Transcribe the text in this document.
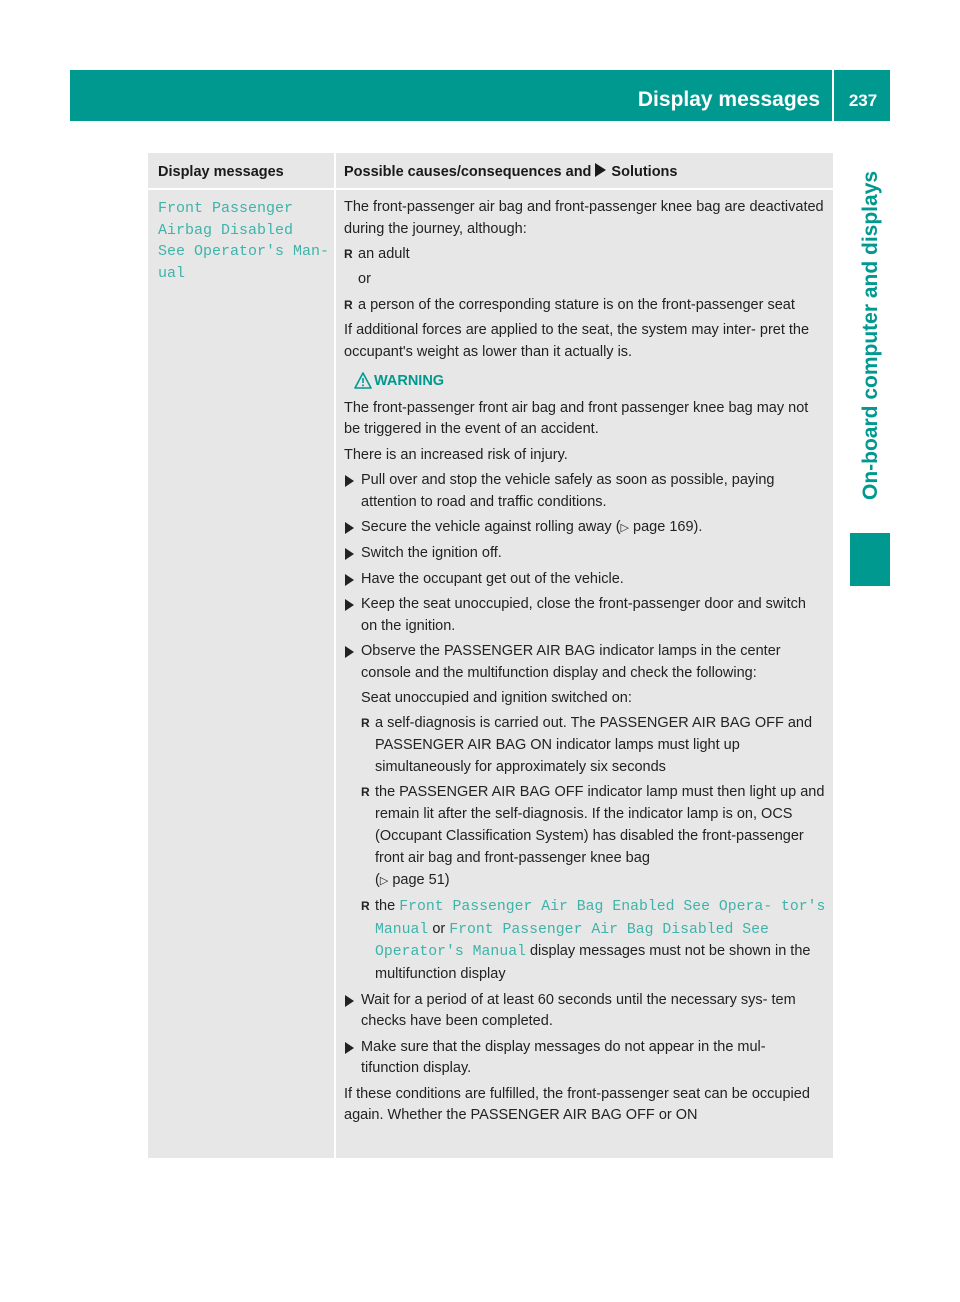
Display messages	237
On-board computer and displays
Display messages	Possible causes/consequences and Solutions
Front Passenger
Airbag Disabled
See Operator's Man‐
ual

The front-passenger air bag and front-passenger knee bag are deactivated during the journey, although:

R an adult
or
R a person of the corresponding stature is on the front-passenger seat

If additional forces are applied to the seat, the system may inter- pret the occupant's weight as lower than it actually is.

WARNING

The front-passenger front air bag and front passenger knee bag may not be triggered in the event of an accident.

There is an increased risk of injury.

Pull over and stop the vehicle safely as soon as possible, paying attention to road and traffic conditions.
Secure the vehicle against rolling away (▷ page 169).
Switch the ignition off.
Have the occupant get out of the vehicle.
Keep the seat unoccupied, close the front-passenger door and switch on the ignition.
Observe the PASSENGER AIR BAG indicator lamps in the center console and the multifunction display and check the following:
Seat unoccupied and ignition switched on:
R a self-diagnosis is carried out. The PASSENGER AIR BAG OFF and PASSENGER AIR BAG ON indicator lamps must light up simultaneously for approximately six seconds
R the PASSENGER AIR BAG OFF indicator lamp must then light up and remain lit after the self-diagnosis. If the indicator lamp is on, OCS (Occupant Classification System) has disabled the front-passenger front air bag and front-passenger knee bag
(▷ page 51)
R the Front Passenger Air Bag Enabled See Opera‐ tor's Manual or Front Passenger Air Bag Disabled See Operator's Manual display messages must not be shown in the multifunction display
Wait for a period of at least 60 seconds until the necessary sys- tem checks have been completed.
Make sure that the display messages do not appear in the mul- tifunction display.

If these conditions are fulfilled, the front-passenger seat can be occupied again. Whether the PASSENGER AIR BAG OFF or ON
